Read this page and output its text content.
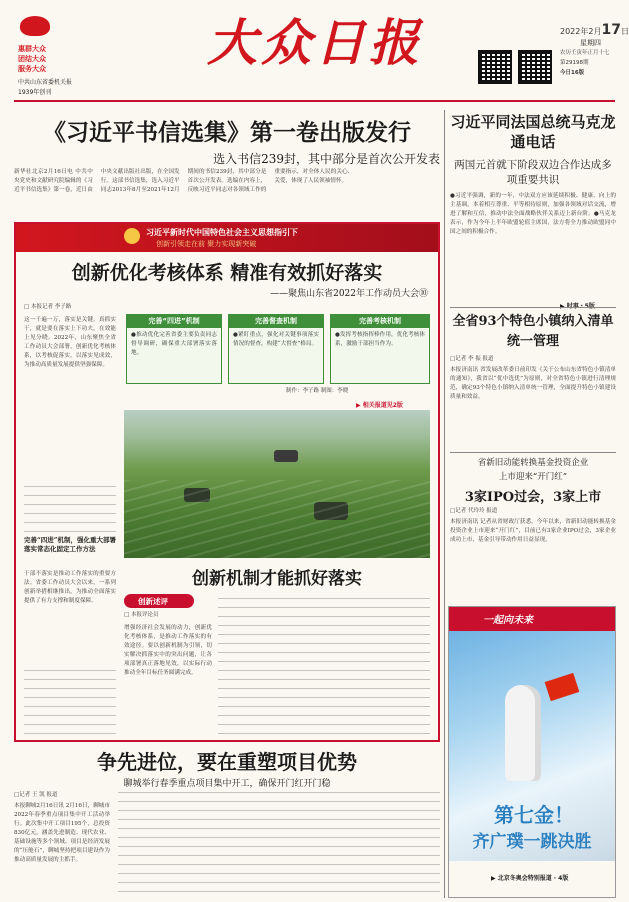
惠群大众
团结大众
服务大众
中共山东省委机关报
1939年创刊
大众日报	2022年2月17日
星期四
农历壬寅年正月十七
第29198期
今日16版
《习近平书信选集》第一卷出版发行
选入书信239封，其中部分是首次公开发表
新华社北京2月16日电 中共中央党史和文献研究院编辑的《习近平书信选集》第一卷，近日由中央文献出版社出版，在全国发行。这部书信选集，选入习近平同志2013年8月至2021年12月期间的书信239封，其中部分是首次公开发表。选编在内容上，反映习近平同志对各领域工作的重要指示，对全体人民的关心、关爱，体现了人民领袖情怀。
习近平同法国总统马克龙通电话
两国元首就下阶段双边合作达成多项重要共识
●习近平强调，新的一年，中法双方应该延续积极、健康、向上的主基调，本着相互尊重、平等相待原则，加强各领域对话交流，增进了解和互信，推动中法全面战略伙伴关系迈上新台阶。●马克龙表示，作为今年上半年欧盟轮值主席国，法方将全力推动欧盟同中国之间的积极合作。
习近平新时代中国特色社会主义思想指引下
创新引领走在前 聚力实现新突破
创新优化考核体系 精准有效抓好落实
——聚焦山东省2022年工作动员大会⑩
□ 本报记者 李子路
这一千遍一万，落实是关键。真抓实干，就是要在落实上下功夫，在效能上见分晓。2022年，山东聚焦全省工作动员大会部署，创新优化考核体系，以考核促落实，以落实见成效，为推动高质量发展提供坚强保障。
完善“四进”机制，强化重大部署落实常态化固定工作方法
干部不落实是推动工作落实的重要方法。省委工作动员大会以来，一系列创新举措相继推出，为推动全面落实提供了有力支撑和制度保障。
完善“四进”机制
●推动优化完善省委主要负责同志督导调研，确保重大部署落实落地。
完善督查机制
●紧盯重点，强化对关键事项落实情况的督查，构建“大督查”格局。
完善考核机制
●发挥考核指挥棒作用，优化考核体系，激励干部担当作为。
制作：李子路 制图：李晓
▶ 相关报道见2版
创新机制才能抓好落实
创新述评
□ 本报评论员
增强经济社会发展的动力，创新优化考核体系，是推动工作落实的有效途径。要以创新机制为引领，切实解决抓落实中的突出问题，让各项部署真正落地见效，以实际行动推动全年目标任务圆满完成。
全省93个特色小镇纳入清单统一管理
□记者 李 振 报道
本报济南讯 省发展改革委日前印发《关于公布山东省特色小镇清单的通知》，我省以“优中选优”为原则，对全省特色小镇进行清理规范，确定93个特色小镇纳入清单统一管理，全面提升特色小镇建设质量和效益。
省新旧动能转换基金投资企业
上市迎来“开门红”
3家IPO过会，3家上市
□记者 代玲玲 报道
本报济南讯 记者从省财政厅获悉，今年以来，省新旧动能转换基金投资企业上市迎来“开门红”，目前已有3家企业IPO过会，3家企业成功上市，基金引导带动作用日益显现。
一起向未来
第七金！
齐广璞一跳决胜
▶ 北京冬奥会特别报道 · 4版
争先进位，要在重塑项目优势
聊城举行春季重点项目集中开工，确保开门红开门稳
□记者 王 凯 报道
本报聊城2月16日讯 2月16日，聊城市2022年春季重点项目集中开工活动举行。此次集中开工项目195个，总投资830亿元，涵盖先进制造、现代农业、基础设施等多个领域。项目是经济发展的“压舱石”，聊城坚持把项目建设作为推动高质量发展的主抓手。
